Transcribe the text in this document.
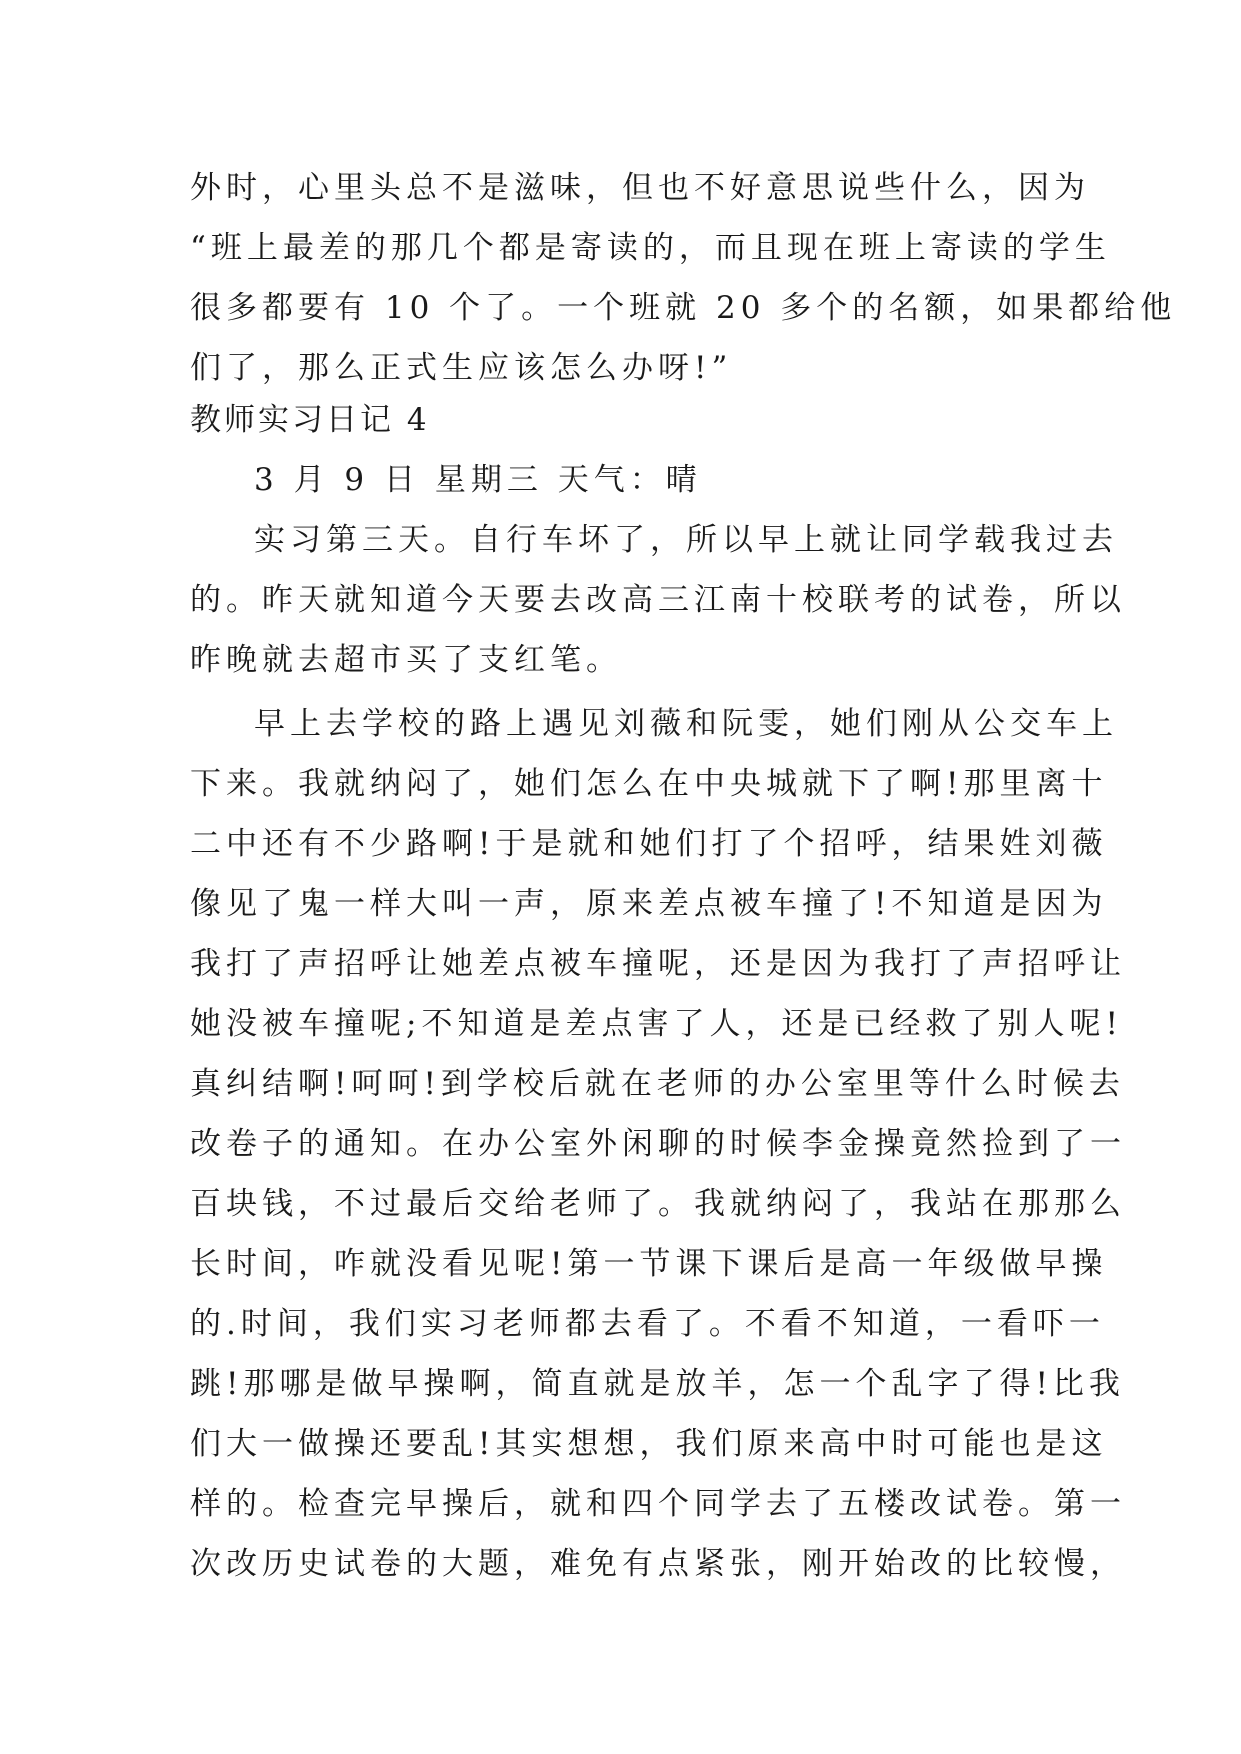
外时，心里头总不是滋味，但也不好意思说些什么，因为
“班上最差的那几个都是寄读的，而且现在班上寄读的学生
很多都要有 10 个了。一个班就 20 多个的名额，如果都给他
们了，那么正式生应该怎么办呀!”
教师实习日记 4
3 月 9 日 星期三 天气：晴
实习第三天。自行车坏了，所以早上就让同学载我过去
的。昨天就知道今天要去改高三江南十校联考的试卷，所以
昨晚就去超市买了支红笔。
早上去学校的路上遇见刘薇和阮雯，她们刚从公交车上
下来。我就纳闷了，她们怎么在中央城就下了啊!那里离十
二中还有不少路啊!于是就和她们打了个招呼，结果姓刘薇
像见了鬼一样大叫一声，原来差点被车撞了!不知道是因为
我打了声招呼让她差点被车撞呢，还是因为我打了声招呼让
她没被车撞呢;不知道是差点害了人，还是已经救了别人呢!
真纠结啊!呵呵!到学校后就在老师的办公室里等什么时候去
改卷子的通知。在办公室外闲聊的时候李金操竟然捡到了一
百块钱，不过最后交给老师了。我就纳闷了，我站在那那么
长时间，咋就没看见呢!第一节课下课后是高一年级做早操
的.时间，我们实习老师都去看了。不看不知道，一看吓一
跳!那哪是做早操啊，简直就是放羊，怎一个乱字了得!比我
们大一做操还要乱!其实想想，我们原来高中时可能也是这
样的。检查完早操后，就和四个同学去了五楼改试卷。第一
次改历史试卷的大题，难免有点紧张，刚开始改的比较慢，
